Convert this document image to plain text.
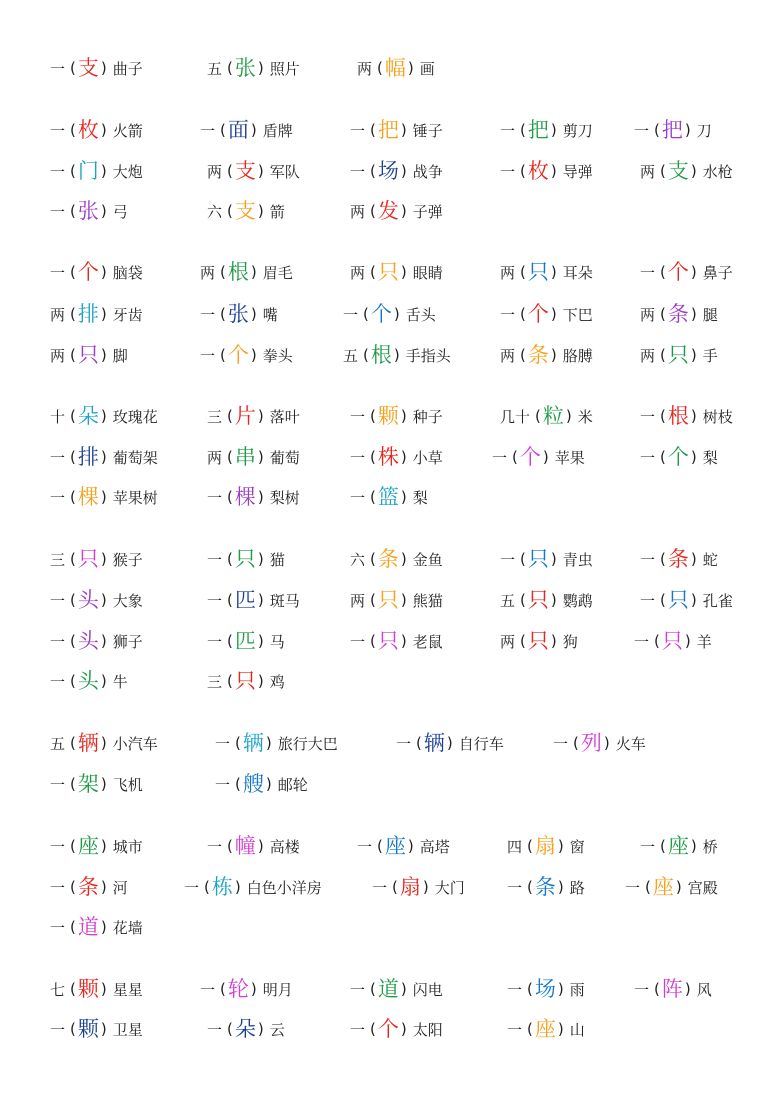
一 ( 支 ) 曲子	五 ( 张 ) 照片	两 ( 幅 ) 画
一 ( 枚 ) 火箭	一 ( 面 ) 盾牌	一 ( 把 ) 锤子	一 ( 把 ) 剪刀	一 ( 把 ) 刀
一 ( 门 ) 大炮	两 ( 支 ) 军队	一 ( 场 ) 战争	一 ( 枚 ) 导弹	两 ( 支 ) 水枪
一 ( 张 ) 弓	六 ( 支 ) 箭	两 ( 发 ) 子弹
一 ( 个 ) 脑袋	两 ( 根 ) 眉毛	两 ( 只 ) 眼睛	两 ( 只 ) 耳朵	一 ( 个 ) 鼻子
两 ( 排 ) 牙齿	一 ( 张 ) 嘴	一 ( 个 ) 舌头	一 ( 个 ) 下巴	两 ( 条 ) 腿
两 ( 只 ) 脚	一 ( 个 ) 拳头	五 ( 根 ) 手指头	两 ( 条 ) 胳膊	两 ( 只 ) 手
十 ( 朵 ) 玫瑰花	三 ( 片 ) 落叶	一 ( 颗 ) 种子	几十 ( 粒 ) 米	一 ( 根 ) 树枝
一 ( 排 ) 葡萄架	两 ( 串 ) 葡萄	一 ( 株 ) 小草	一 ( 个 ) 苹果	一 ( 个 ) 梨
一 ( 棵 ) 苹果树	一 ( 棵 ) 梨树	一 ( 篮 ) 梨
三 ( 只 ) 猴子	一 ( 只 ) 猫	六 ( 条 ) 金鱼	一 ( 只 ) 青虫	一 ( 条 ) 蛇
一 ( 头 ) 大象	一 ( 匹 ) 斑马	两 ( 只 ) 熊猫	五 ( 只 ) 鹦鹉	一 ( 只 ) 孔雀
一 ( 头 ) 狮子	一 ( 匹 ) 马	一 ( 只 ) 老鼠	两 ( 只 ) 狗	一 ( 只 ) 羊
一 ( 头 ) 牛	三 ( 只 ) 鸡
五 ( 辆 ) 小汽车	一 ( 辆 ) 旅行大巴	一 ( 辆 ) 自行车	一 ( 列 ) 火车
一 ( 架 ) 飞机	一 ( 艘 ) 邮轮
一 ( 座 ) 城市	一 ( 幢 ) 高楼	一 ( 座 ) 高塔	四 ( 扇 ) 窗	一 ( 座 ) 桥
一 ( 条 ) 河	一 ( 栋 ) 白色小洋房	一 ( 扇 ) 大门	一 ( 条 ) 路	一 ( 座 ) 宫殿
一 ( 道 ) 花墙
七 ( 颗 ) 星星	一 ( 轮 ) 明月	一 ( 道 ) 闪电	一 ( 场 ) 雨	一 ( 阵 ) 风
一 ( 颗 ) 卫星	一 ( 朵 ) 云	一 ( 个 ) 太阳	一 ( 座 ) 山
